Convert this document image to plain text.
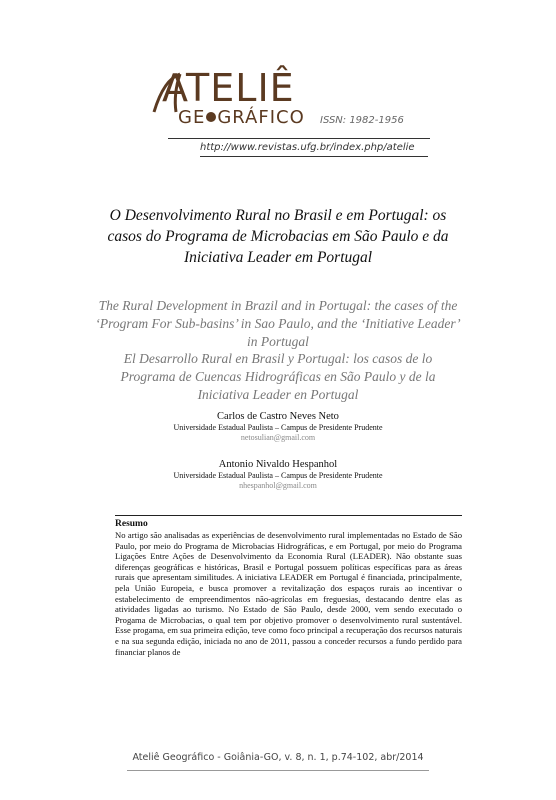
ATELIÊ
GE GRÁFICO ISSN: 1982-1956
http://www.revistas.ufg.br/index.php/atelie
O Desenvolvimento Rural no Brasil e em Portugal: os casos do Programa de Microbacias em São Paulo e da Iniciativa Leader em Portugal
The Rural Development in Brazil and in Portugal: the cases of the ‘Program For Sub-basins’ in Sao Paulo, and the ‘Initiative Leader’ in Portugal
El Desarrollo Rural en Brasil y Portugal: los casos de lo Programa de Cuencas Hidrográficas en São Paulo y de la Iniciativa Leader en Portugal
Carlos de Castro Neves Neto
Universidade Estadual Paulista – Campus de Presidente Prudente
netosulian@gmail.com
Antonio Nivaldo Hespanhol
Universidade Estadual Paulista – Campus de Presidente Prudente
nhespanhol@gmail.com
Resumo
No artigo são analisadas as experiências de desenvolvimento rural implementadas no Estado de São Paulo, por meio do Programa de Microbacias Hidrográficas, e em Portugal, por meio do Programa Ligações Entre Ações de Desenvolvimento da Economia Rural (LEADER). Não obstante suas diferenças geográficas e históricas, Brasil e Portugal possuem políticas específicas para as áreas rurais que apresentam similitudes. A iniciativa LEADER em Portugal é financiada, principalmente, pela União Europeia, e busca promover a revitalização dos espaços rurais ao incentivar o estabelecimento de empreendimentos não-agrícolas em freguesias, destacando dentre elas as atividades ligadas ao turismo. No Estado de São Paulo, desde 2000, vem sendo executado o Progama de Microbacias, o qual tem por objetivo promover o desenvolvimento rural sustentável. Esse progama, em sua primeira edição, teve como foco principal a recuperação dos recursos naturais e na sua segunda edição, iniciada no ano de 2011, passou a conceder recursos a fundo perdido para financiar planos de
Ateliê Geográfico - Goiânia-GO, v. 8, n. 1, p.74-102, abr/2014
